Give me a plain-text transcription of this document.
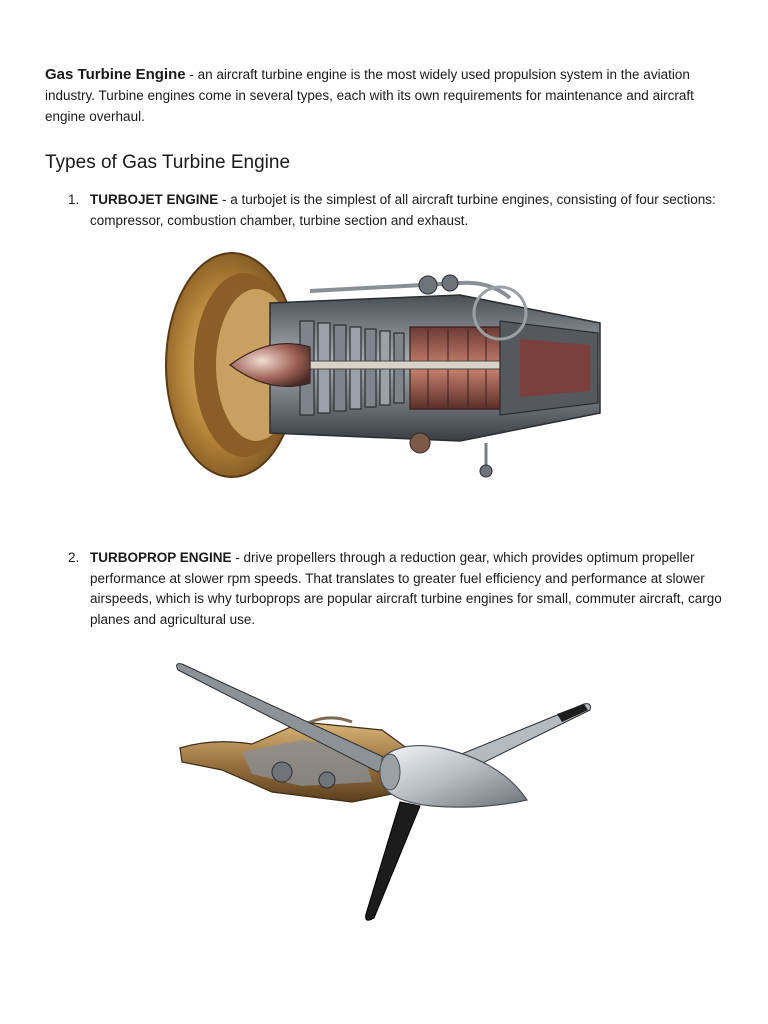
Gas Turbine Engine - an aircraft turbine engine is the most widely used propulsion system in the aviation industry. Turbine engines come in several types, each with its own requirements for maintenance and aircraft engine overhaul.

Types of Gas Turbine Engine
1. TURBOJET ENGINE - a turbojet is the simplest of all aircraft turbine engines, consisting of four sections: compressor, combustion chamber, turbine section and exhaust.
2. TURBOPROP ENGINE - drive propellers through a reduction gear, which provides optimum propeller performance at slower rpm speeds. That translates to greater fuel efficiency and performance at slower airspeeds, which is why turboprops are popular aircraft turbine engines for small, commuter aircraft, cargo planes and agricultural use.
